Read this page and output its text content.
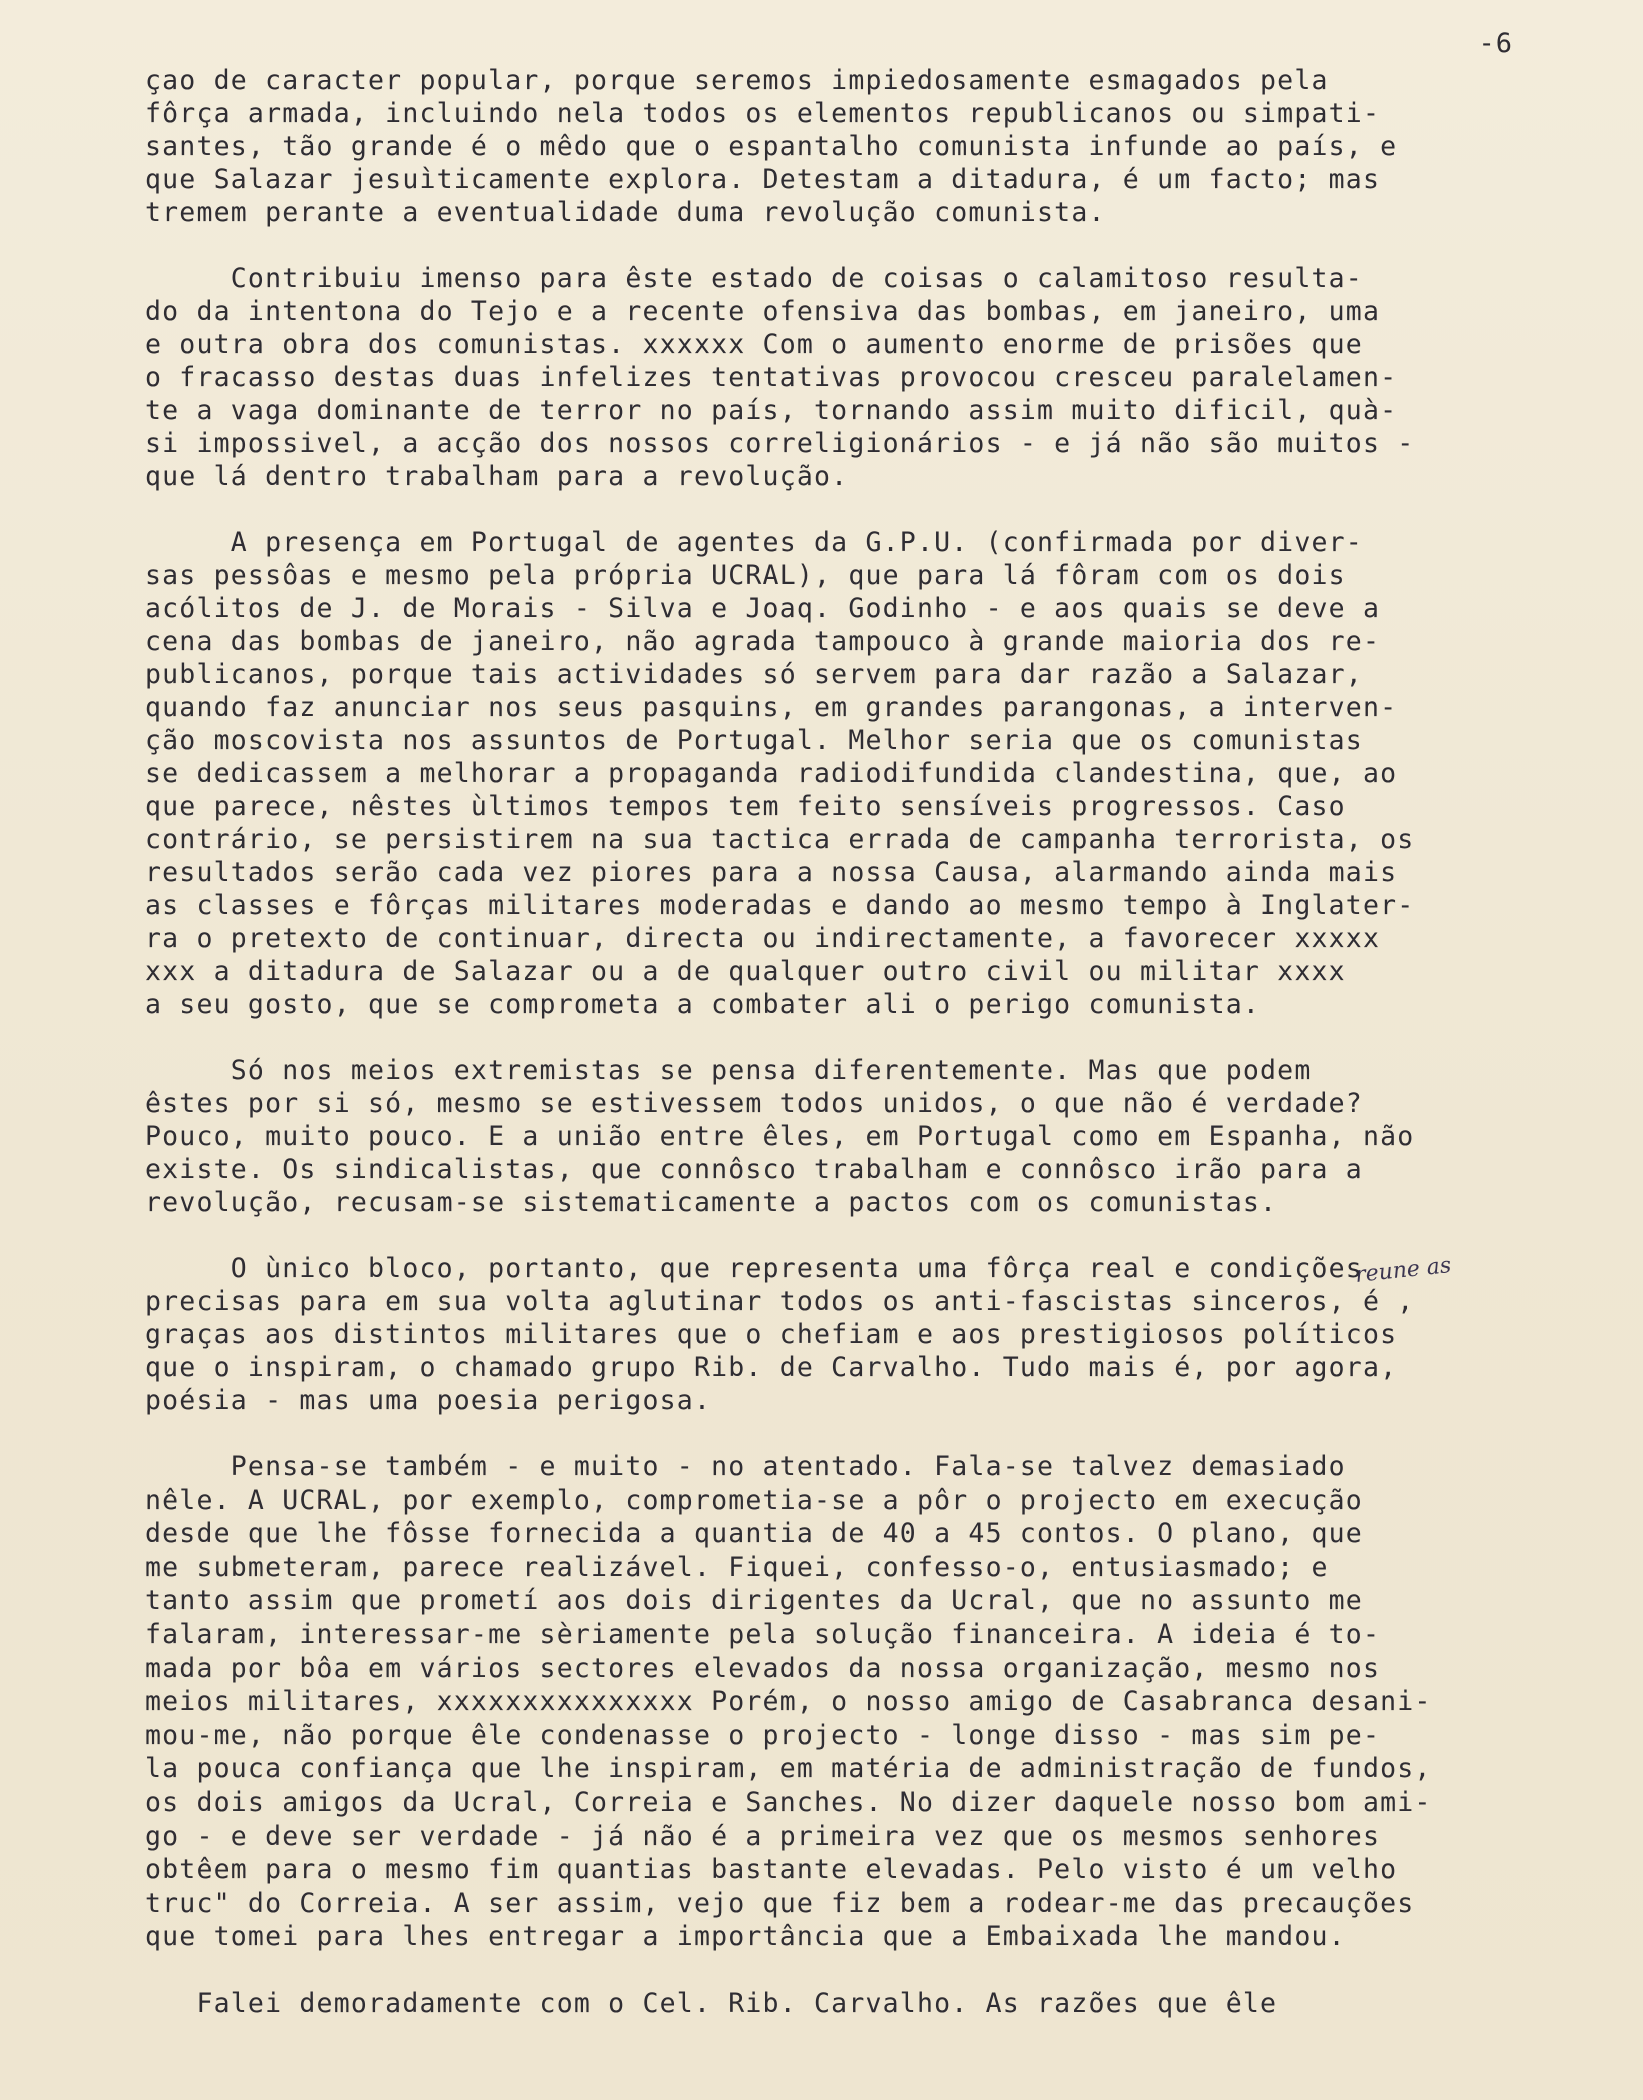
-6
reune as
çao de caracter popular, porque seremos impiedosamente esmagados pela
fôrça armada, incluindo nela todos os elementos republicanos ou simpati-
santes, tão grande é o mêdo que o espantalho comunista infunde ao país, e
que Salazar jesuìticamente explora. Detestam a ditadura, é um facto; mas
tremem perante a eventualidade duma revolução comunista.
Contribuiu imenso para êste estado de coisas o calamitoso resulta-
do da intentona do Tejo e a recente ofensiva das bombas, em janeiro, uma
e outra obra dos comunistas. xxxxxx Com o aumento enorme de prisões que
o fracasso destas duas infelizes tentativas provocou cresceu paralelamen-
te a vaga dominante de terror no país, tornando assim muito dificil, quà-
si impossivel, a acção dos nossos correligionários - e já não são muitos -
que lá dentro trabalham para a revolução.
A presença em Portugal de agentes da G.P.U. (confirmada por diver-
sas pessôas e mesmo pela própria UCRAL), que para lá fôram com os dois
acólitos de J. de Morais - Silva e Joaq. Godinho - e aos quais se deve a
cena das bombas de janeiro, não agrada tampouco à grande maioria dos re-
publicanos, porque tais actividades só servem para dar razão a Salazar,
quando faz anunciar nos seus pasquins, em grandes parangonas, a interven-
ção moscovista nos assuntos de Portugal. Melhor seria que os comunistas
se dedicassem a melhorar a propaganda radiodifundida clandestina, que, ao
que parece, nêstes ùltimos tempos tem feito sensíveis progressos. Caso
contrário, se persistirem na sua tactica errada de campanha terrorista, os
resultados serão cada vez piores para a nossa Causa, alarmando ainda mais
as classes e fôrças militares moderadas e dando ao mesmo tempo à Inglater-
ra o pretexto de continuar, directa ou indirectamente, a favorecer xxxxx
xxx a ditadura de Salazar ou a de qualquer outro civil ou militar xxxx
a seu gosto, que se comprometa a combater ali o perigo comunista.
Só nos meios extremistas se pensa diferentemente. Mas que podem
êstes por si só, mesmo se estivessem todos unidos, o que não é verdade?
Pouco, muito pouco. E a união entre êles, em Portugal como em Espanha, não
existe. Os sindicalistas, que connôsco trabalham e connôsco irão para a
revolução, recusam-se sistematicamente a pactos com os comunistas.
O ùnico bloco, portanto, que representa uma fôrça real e condições
precisas para em sua volta aglutinar todos os anti-fascistas sinceros, é ,
graças aos distintos militares que o chefiam e aos prestigiosos políticos
que o inspiram, o chamado grupo Rib. de Carvalho. Tudo mais é, por agora,
poésia - mas uma poesia perigosa.
Pensa-se também - e muito - no atentado. Fala-se talvez demasiado
nêle. A UCRAL, por exemplo, comprometia-se a pôr o projecto em execução
desde que lhe fôsse fornecida a quantia de 40 a 45 contos. O plano, que
me submeteram, parece realizável. Fiquei, confesso-o, entusiasmado; e
tanto assim que prometí aos dois dirigentes da Ucral, que no assunto me
falaram, interessar-me sèriamente pela solução financeira. A ideia é to-
mada por bôa em vários sectores elevados da nossa organização, mesmo nos
meios militares, xxxxxxxxxxxxxxx Porém, o nosso amigo de Casabranca desani-
mou-me, não porque êle condenasse o projecto - longe disso - mas sim pe-
la pouca confiança que lhe inspiram, em matéria de administração de fundos,
os dois amigos da Ucral, Correia e Sanches. No dizer daquele nosso bom ami-
go - e deve ser verdade - já não é a primeira vez que os mesmos senhores
obtêem para o mesmo fim quantias bastante elevadas. Pelo visto é um velho
truc" do Correia. A ser assim, vejo que fiz bem a rodear-me das precauções
que tomei para lhes entregar a importância que a Embaixada lhe mandou.
Falei demoradamente com o Cel. Rib. Carvalho. As razões que êle
